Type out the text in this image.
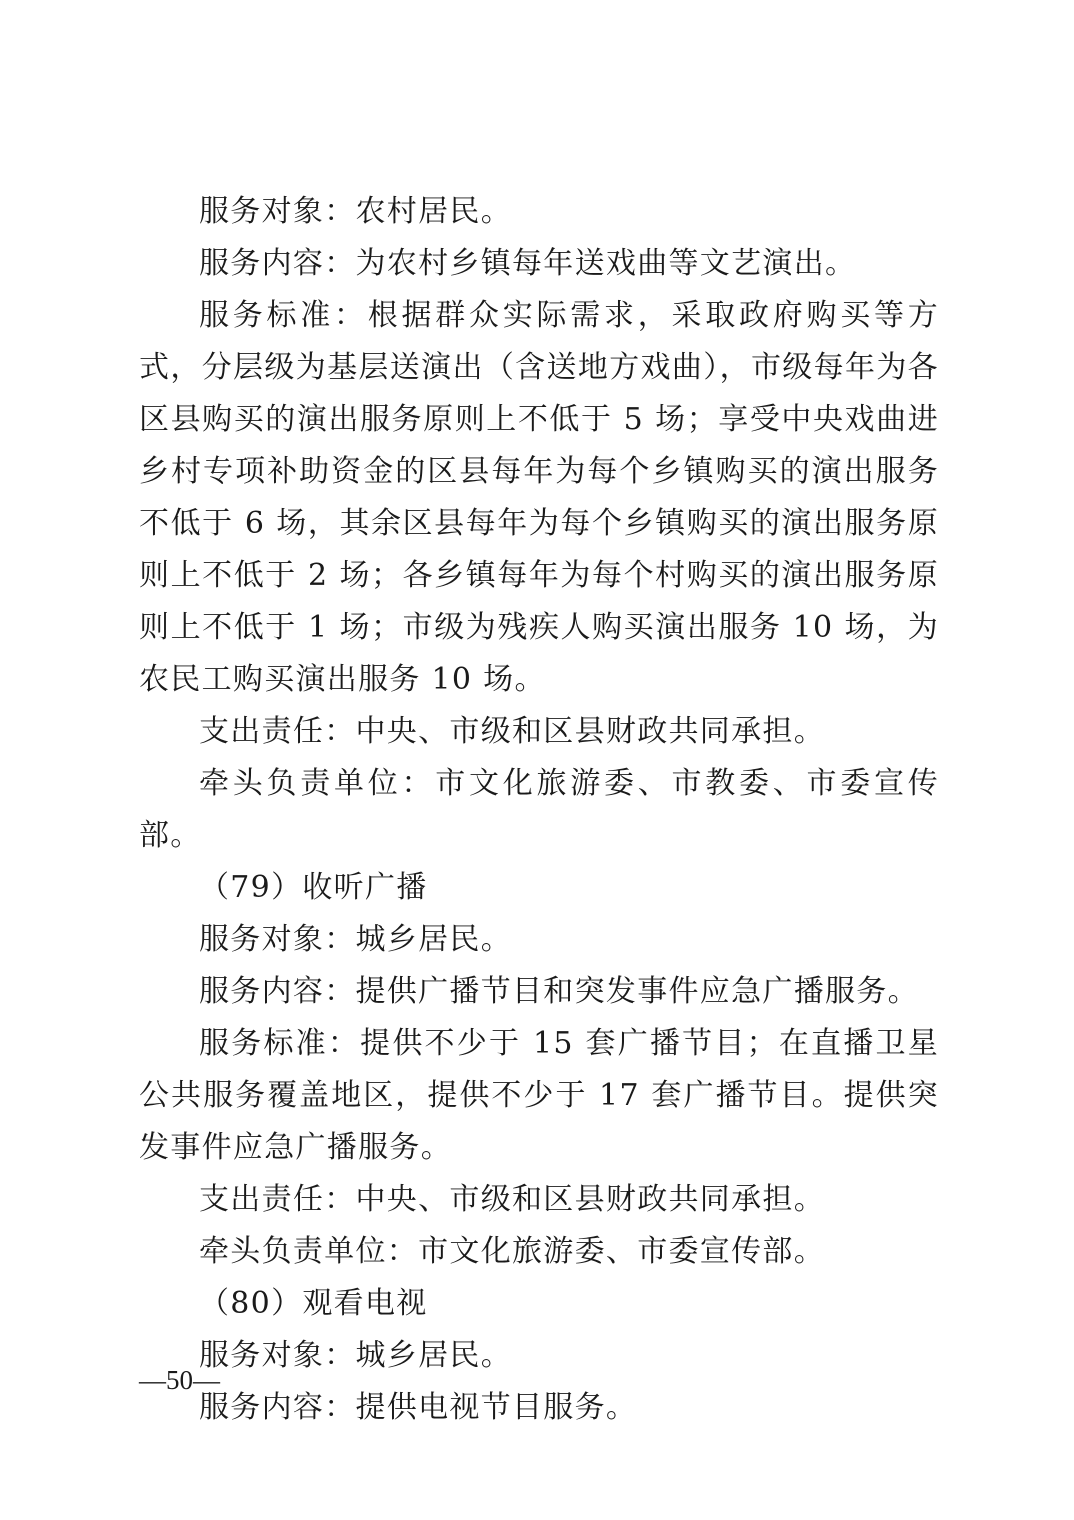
服务对象：农村居民。

服务内容：为农村乡镇每年送戏曲等文艺演出。

服务标准：根据群众实际需求，采取政府购买等方式，分层级为基层送演出（含送地方戏曲），市级每年为各区县购买的演出服务原则上不低于 5 场；享受中央戏曲进乡村专项补助资金的区县每年为每个乡镇购买的演出服务不低于 6 场，其余区县每年为每个乡镇购买的演出服务原则上不低于 2 场；各乡镇每年为每个村购买的演出服务原则上不低于 1 场；市级为残疾人购买演出服务 10 场，为农民工购买演出服务 10 场。

支出责任：中央、市级和区县财政共同承担。

牵头负责单位：市文化旅游委、市教委、市委宣传部。

（79）收听广播

服务对象：城乡居民。

服务内容：提供广播节目和突发事件应急广播服务。

服务标准：提供不少于 15 套广播节目；在直播卫星公共服务覆盖地区，提供不少于 17 套广播节目。提供突发事件应急广播服务。

支出责任：中央、市级和区县财政共同承担。

牵头负责单位：市文化旅游委、市委宣传部。

（80）观看电视

服务对象：城乡居民。

服务内容：提供电视节目服务。

—50—
